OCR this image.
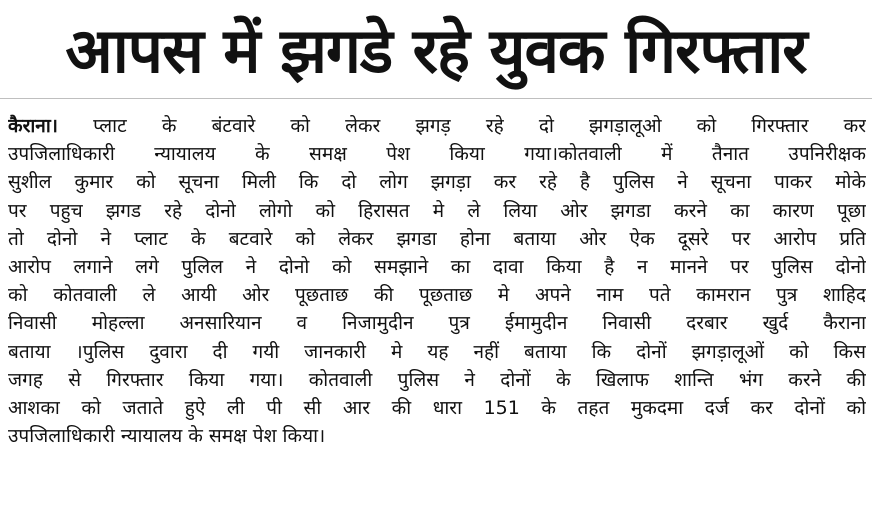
आपस में झगडे रहे युवक गिरफ्तार
कैराना। प्लाट के बंटवारे को लेकर झगड़ रहे दो झगड़ालूओ को गिरफ्तार कर
उपजिलाधिकारी न्यायालय के समक्ष पेश किया गया।कोतवाली में तैनात उपनिरीक्षक
सुशील कुमार को सूचना मिली कि दो लोग झगड़ा कर रहे है पुलिस ने सूचना पाकर मोके
पर पहुच झगड रहे दोनो लोगो को हिरासत मे ले लिया ओर झगडा करने का कारण पूछा
तो दोनो ने प्लाट के बटवारे को लेकर झगडा होना बताया ओर ऐक दूसरे पर आरोप प्रति
आरोप लगाने लगे पुलिल ने दोनो को समझाने का दावा किया है न मानने पर पुलिस दोनो
को कोतवाली ले आयी ओर पूछताछ की पूछताछ मे अपने नाम पते कामरान पुत्र शाहिद
निवासी मोहल्ला अनसारियान व निजामुदीन पुत्र ईमामुदीन निवासी दरबार खुर्द कैराना
बताया ।पुलिस दुवारा दी गयी जानकारी मे यह नहीं बताया कि दोनों झगड़ालूओं को किस
जगह से गिरफ्तार किया गया। कोतवाली पुलिस ने दोनों के खिलाफ शान्ति भंग करने की
आशका को जताते हुऐ ली पी सी आर की धारा 151 के तहत मुकदमा दर्ज कर दोनों को
उपजिलाधिकारी न्यायालय के समक्ष पेश किया।
